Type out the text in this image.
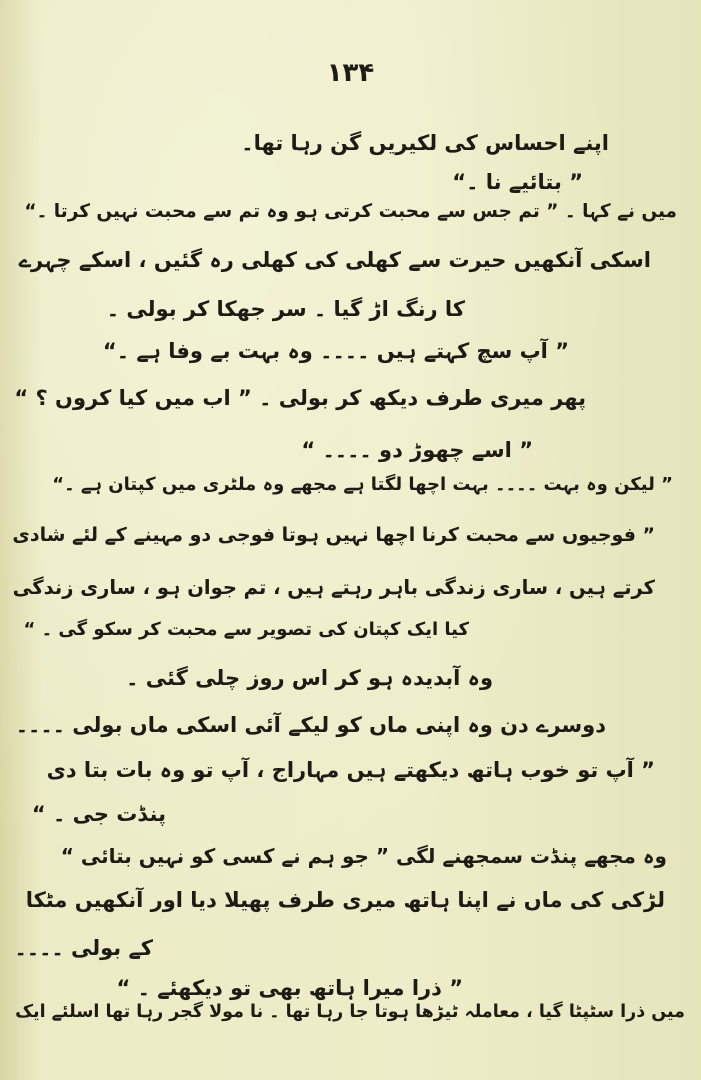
۱۳۴
اپنے احساس کی لکیریں گن رہا تھا۔
” بتائیے نا ۔“
میں نے کہا ۔ ” تم جس سے محبت کرتی ہو وہ تم سے محبت نہیں کرتا ۔“
اسکی آنکھیں حیرت سے کھلی کی کھلی رہ گئیں ، اسکے چہرے
کا رنگ اڑ گیا ۔ سر جھکا کر بولی ۔
” آپ سچ کہتے ہیں ۔۔۔۔ وہ بہت بے وفا ہے ۔“
پھر میری طرف دیکھ کر بولی ۔ ” اب میں کیا کروں ؟ “
” اسے چھوڑ دو ۔۔۔۔ “
” لیکن وہ بہت ۔۔۔۔ بہت اچھا لگتا ہے مجھے وہ ملٹری میں کپتان ہے ۔“
” فوجیوں سے محبت کرنا اچھا نہیں ہوتا فوجی دو مہینے کے لئے شادی
کرتے ہیں ، ساری زندگی باہر رہتے ہیں ، تم جوان ہو ، ساری زندگی
کیا ایک کپتان کی تصویر سے محبت کر سکو گی ۔ “
وہ آبدیدہ ہو کر اس روز چلی گئی ۔
دوسرے دن وہ اپنی ماں کو لیکے آئی اسکی ماں بولی ۔۔۔۔
” آپ تو خوب ہاتھ دیکھتے ہیں مہاراج ، آپ تو وہ بات بتا دی
پنڈت جی ۔ “
وہ مجھے پنڈت سمجھنے لگی ” جو ہم نے کسی کو نہیں بتائی “
لڑکی کی ماں نے اپنا ہاتھ میری طرف پھیلا دیا اور آنکھیں مٹکا
کے بولی ۔۔۔۔
” ذرا میرا ہاتھ بھی تو دیکھئے ۔ “
میں ذرا سٹپٹا گیا ، معاملہ ٹیڑھا ہوتا جا رہا تھا ۔ نا مولا گجر رہا تھا اسلئے ایک
